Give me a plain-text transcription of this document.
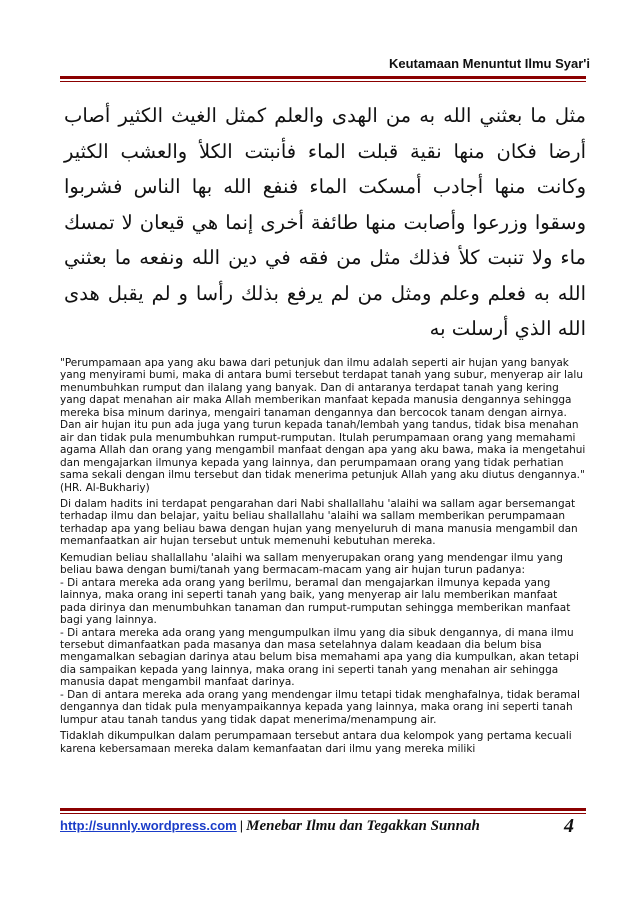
Keutamaan Menuntut Ilmu Syar'i
مثل ما بعثني الله به من الهدى والعلم كمثل الغيث الكثير أصاب أرضا فكان منها نقية قبلت الماء فأنبتت الكلأ والعشب الكثير وكانت منها أجادب أمسكت الماء فنفع الله بها الناس فشربوا وسقوا وزرعوا وأصابت منها طائفة أخرى إنما هي قيعان لا تمسك ماء ولا تنبت كلأ فذلك مثل من فقه في دين الله ونفعه ما بعثني الله به فعلم وعلم ومثل من لم يرفع بذلك رأسا و لم يقبل هدى الله الذي أرسلت به

"Perumpamaan apa yang aku bawa dari petunjuk dan ilmu adalah seperti air hujan yang banyak yang menyirami bumi, maka di antara bumi tersebut terdapat tanah yang subur, menyerap air lalu menumbuhkan rumput dan ilalang yang banyak. Dan di antaranya terdapat tanah yang kering yang dapat menahan air maka Allah memberikan manfaat kepada manusia dengannya sehingga mereka bisa minum darinya, mengairi tanaman dengannya dan bercocok tanam dengan airnya. Dan air hujan itu pun ada juga yang turun kepada tanah/lembah yang tandus, tidak bisa menahan air dan tidak pula menumbuhkan rumput-rumputan. Itulah perumpamaan orang yang memahami agama Allah dan orang yang mengambil manfaat dengan apa yang aku bawa, maka ia mengetahui dan mengajarkan ilmunya kepada yang lainnya, dan perumpamaan orang yang tidak perhatian sama sekali dengan ilmu tersebut dan tidak menerima petunjuk Allah yang aku diutus dengannya." (HR. Al-Bukhariy)

Di dalam hadits ini terdapat pengarahan dari Nabi shallallahu 'alaihi wa sallam agar bersemangat terhadap ilmu dan belajar, yaitu beliau shallallahu 'alaihi wa sallam memberikan perumpamaan terhadap apa yang beliau bawa dengan hujan yang menyeluruh di mana manusia mengambil dan memanfaatkan air hujan tersebut untuk memenuhi kebutuhan mereka.

Kemudian beliau shallallahu 'alaihi wa sallam menyerupakan orang yang mendengar ilmu yang beliau bawa dengan bumi/tanah yang bermacam-macam yang air hujan turun padanya:

- Di antara mereka ada orang yang berilmu, beramal dan mengajarkan ilmunya kepada yang lainnya, maka orang ini seperti tanah yang baik, yang menyerap air lalu memberikan manfaat pada dirinya dan menumbuhkan tanaman dan rumput-rumputan sehingga memberikan manfaat bagi yang lainnya.

- Di antara mereka ada orang yang mengumpulkan ilmu yang dia sibuk dengannya, di mana ilmu tersebut dimanfaatkan pada masanya dan masa setelahnya dalam keadaan dia belum bisa mengamalkan sebagian darinya atau belum bisa memahami apa yang dia kumpulkan, akan tetapi dia sampaikan kepada yang lainnya, maka orang ini seperti tanah yang menahan air sehingga manusia dapat mengambil manfaat darinya.

- Dan di antara mereka ada orang yang mendengar ilmu tetapi tidak menghafalnya, tidak beramal dengannya dan tidak pula menyampaikannya kepada yang lainnya, maka orang ini seperti tanah lumpur atau tanah tandus yang tidak dapat menerima/menampung air.

Tidaklah dikumpulkan dalam perumpamaan tersebut antara dua kelompok yang pertama kecuali karena kebersamaan mereka dalam kemanfaatan dari ilmu yang mereka miliki

http://sunnly.wordpress.com | Menebar Ilmu dan Tegakkan Sunnah	4
